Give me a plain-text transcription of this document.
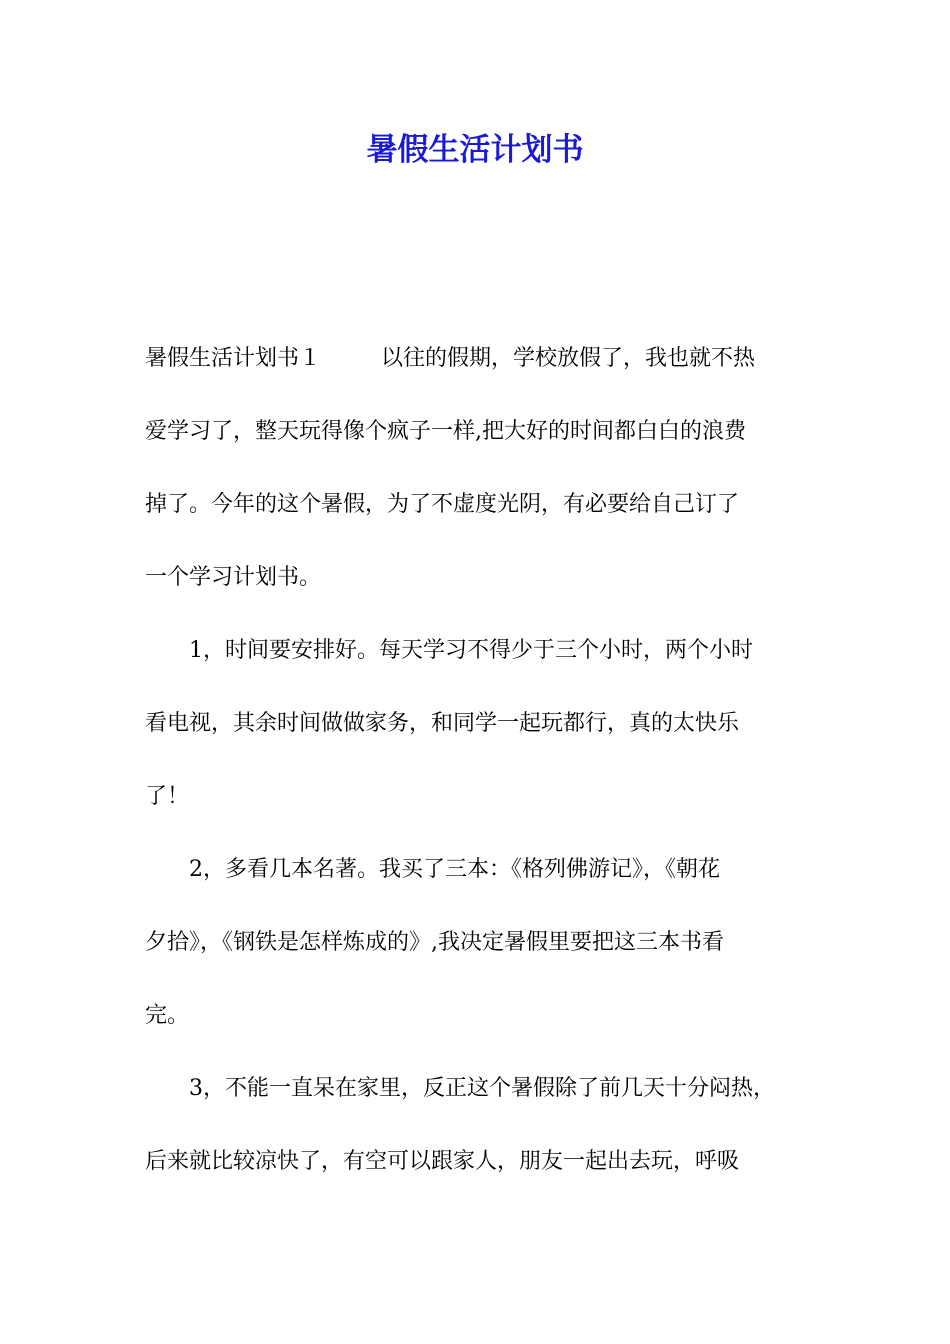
暑假生活计划书
暑假生活计划书１	以往的假期，学校放假了，我也就不热
爱学习了，整天玩得像个疯子一样,把大好的时间都白白的浪费
掉了。今年的这个暑假，为了不虚度光阴，有必要给自己订了
一个学习计划书。
1，时间要安排好。每天学习不得少于三个小时，两个小时
看电视，其余时间做做家务，和同学一起玩都行，真的太快乐
了！
2，多看几本名著。我买了三本：《格列佛游记》，《朝花
夕拾》，《钢铁是怎样炼成的》,我决定暑假里要把这三本书看
完。
3，不能一直呆在家里，反正这个暑假除了前几天十分闷热，
后来就比较凉快了，有空可以跟家人，朋友一起出去玩，呼吸
